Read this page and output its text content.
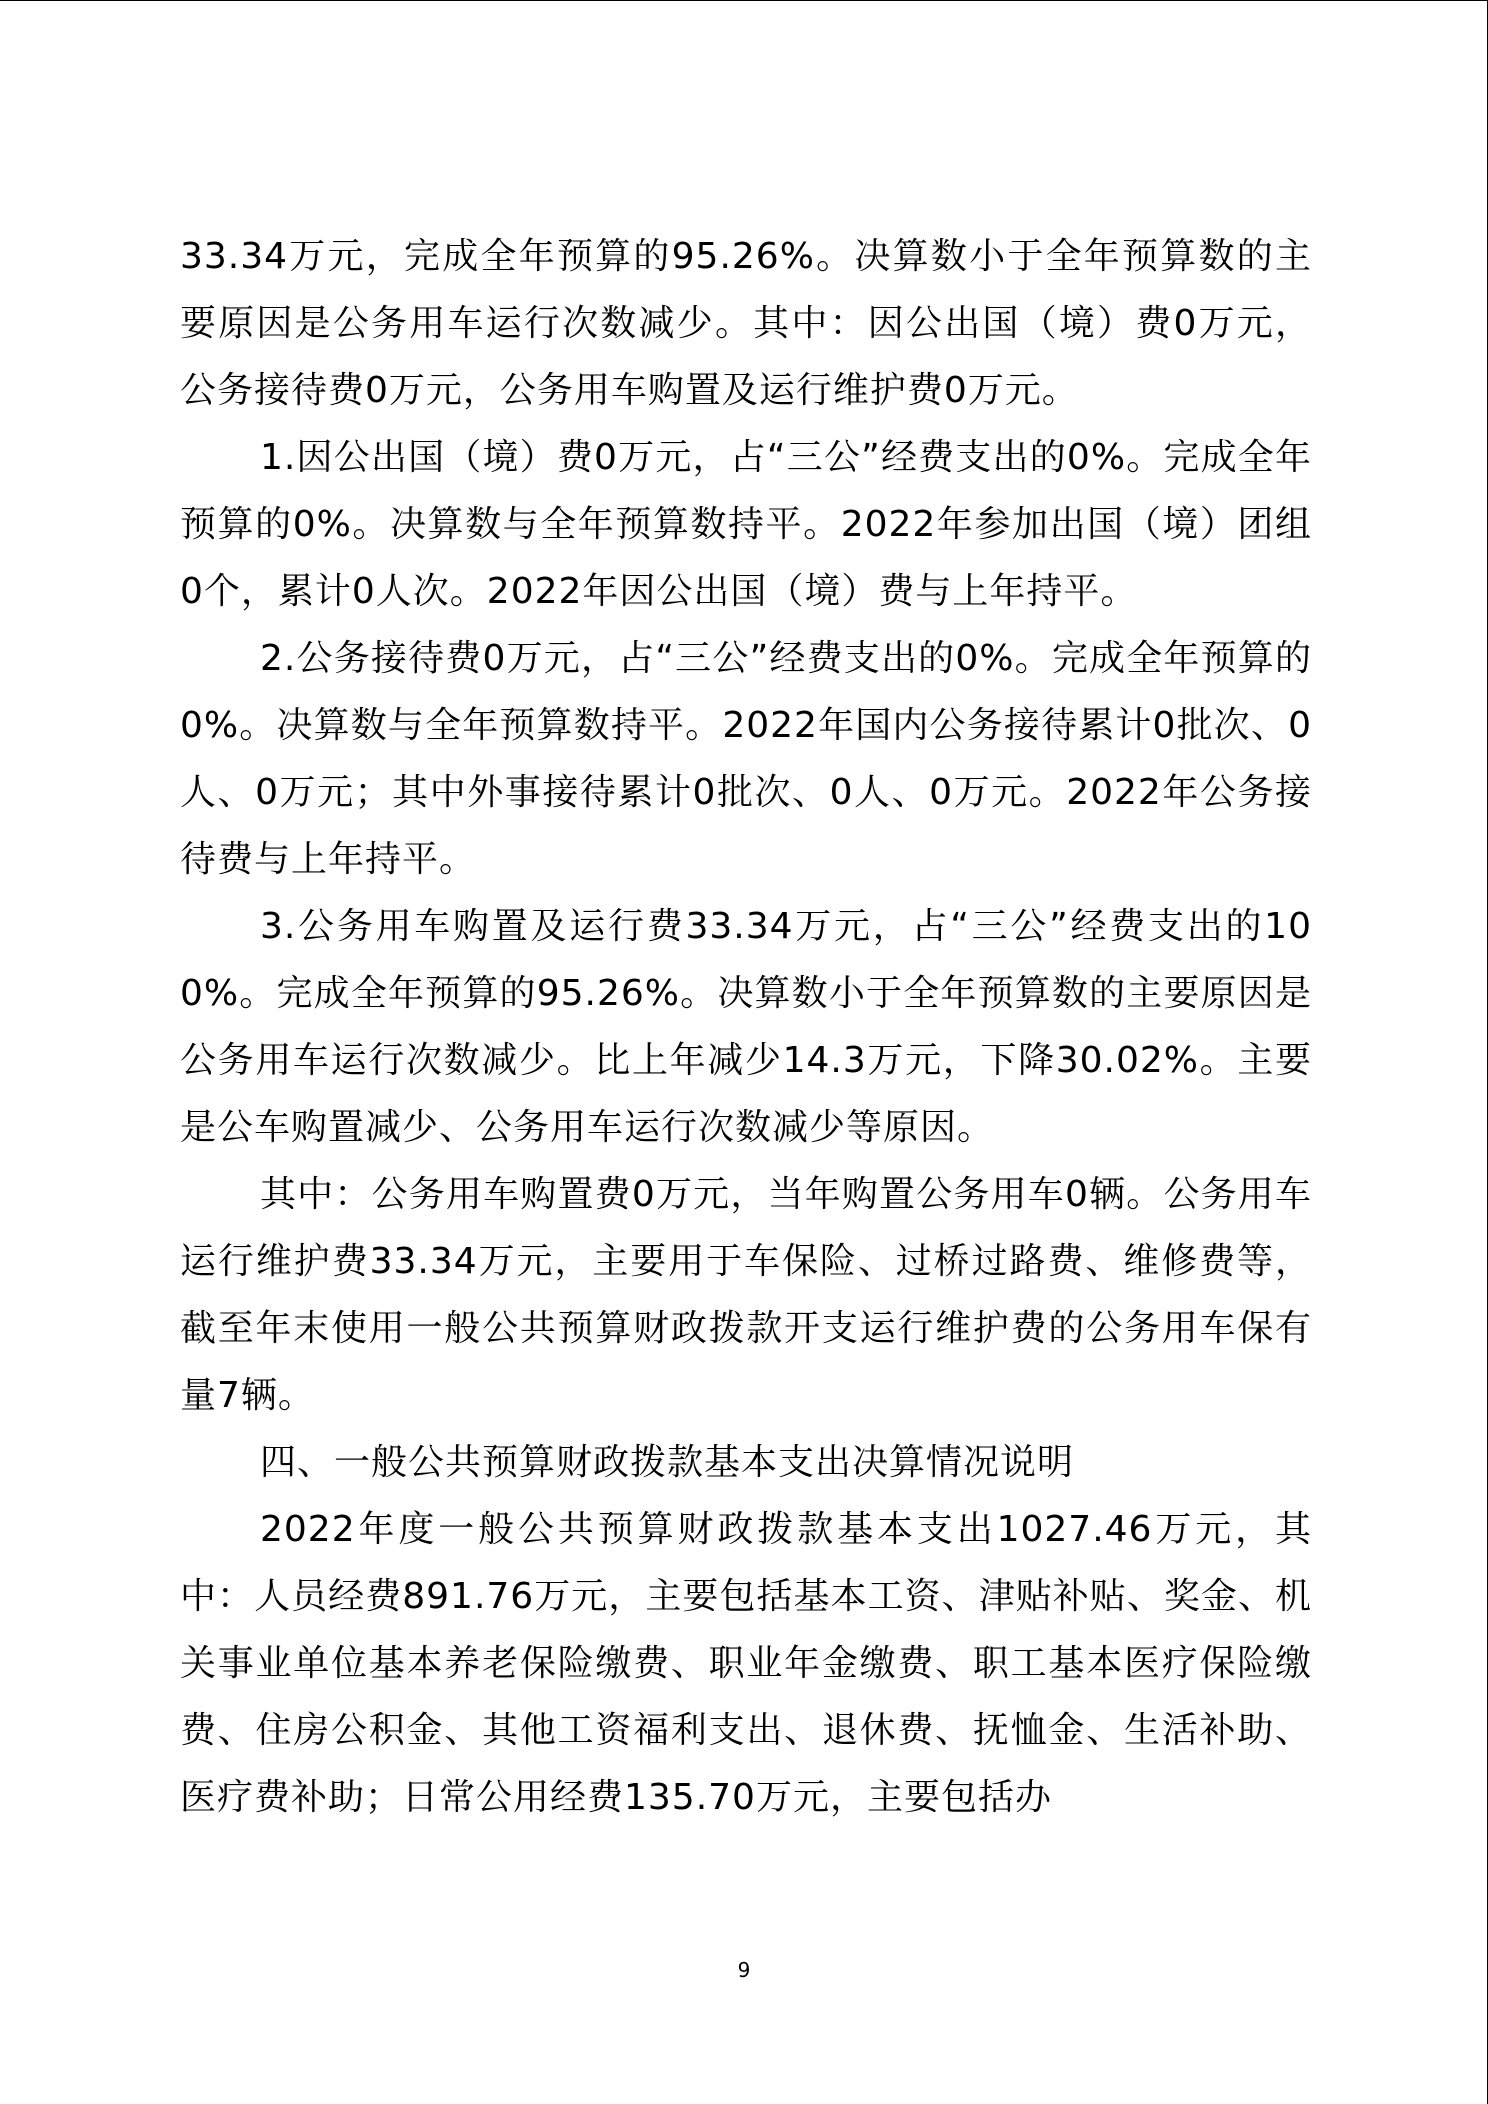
33.34万元，完成全年预算的95.26%。决算数小于全年预算数的主要原因是公务用车运行次数减少。其中：因公出国（境）费0万元，公务接待费0万元，公务用车购置及运行维护费0万元。

1.因公出国（境）费0万元，占“三公”经费支出的0%。完成全年预算的0%。决算数与全年预算数持平。2022年参加出国（境）团组0个，累计0人次。2022年因公出国（境）费与上年持平。

2.公务接待费0万元，占“三公”经费支出的0%。完成全年预算的0%。决算数与全年预算数持平。2022年国内公务接待累计0批次、0人、0万元；其中外事接待累计0批次、0人、0万元。2022年公务接待费与上年持平。

3.公务用车购置及运行费33.34万元，占“三公”经费支出的100%。完成全年预算的95.26%。决算数小于全年预算数的主要原因是公务用车运行次数减少。比上年减少14.3万元，下降30.02%。主要是公车购置减少、公务用车运行次数减少等原因。

其中：公务用车购置费0万元，当年购置公务用车0辆。公务用车运行维护费33.34万元，主要用于车保险、过桥过路费、维修费等，截至年末使用一般公共预算财政拨款开支运行维护费的公务用车保有量7辆。

四、一般公共预算财政拨款基本支出决算情况说明

2022年度一般公共预算财政拨款基本支出1027.46万元，其中：人员经费891.76万元，主要包括基本工资、津贴补贴、奖金、机关事业单位基本养老保险缴费、职业年金缴费、职工基本医疗保险缴费、住房公积金、其他工资福利支出、退休费、抚恤金、生活补助、医疗费补助；日常公用经费135.70万元，主要包括办

9
